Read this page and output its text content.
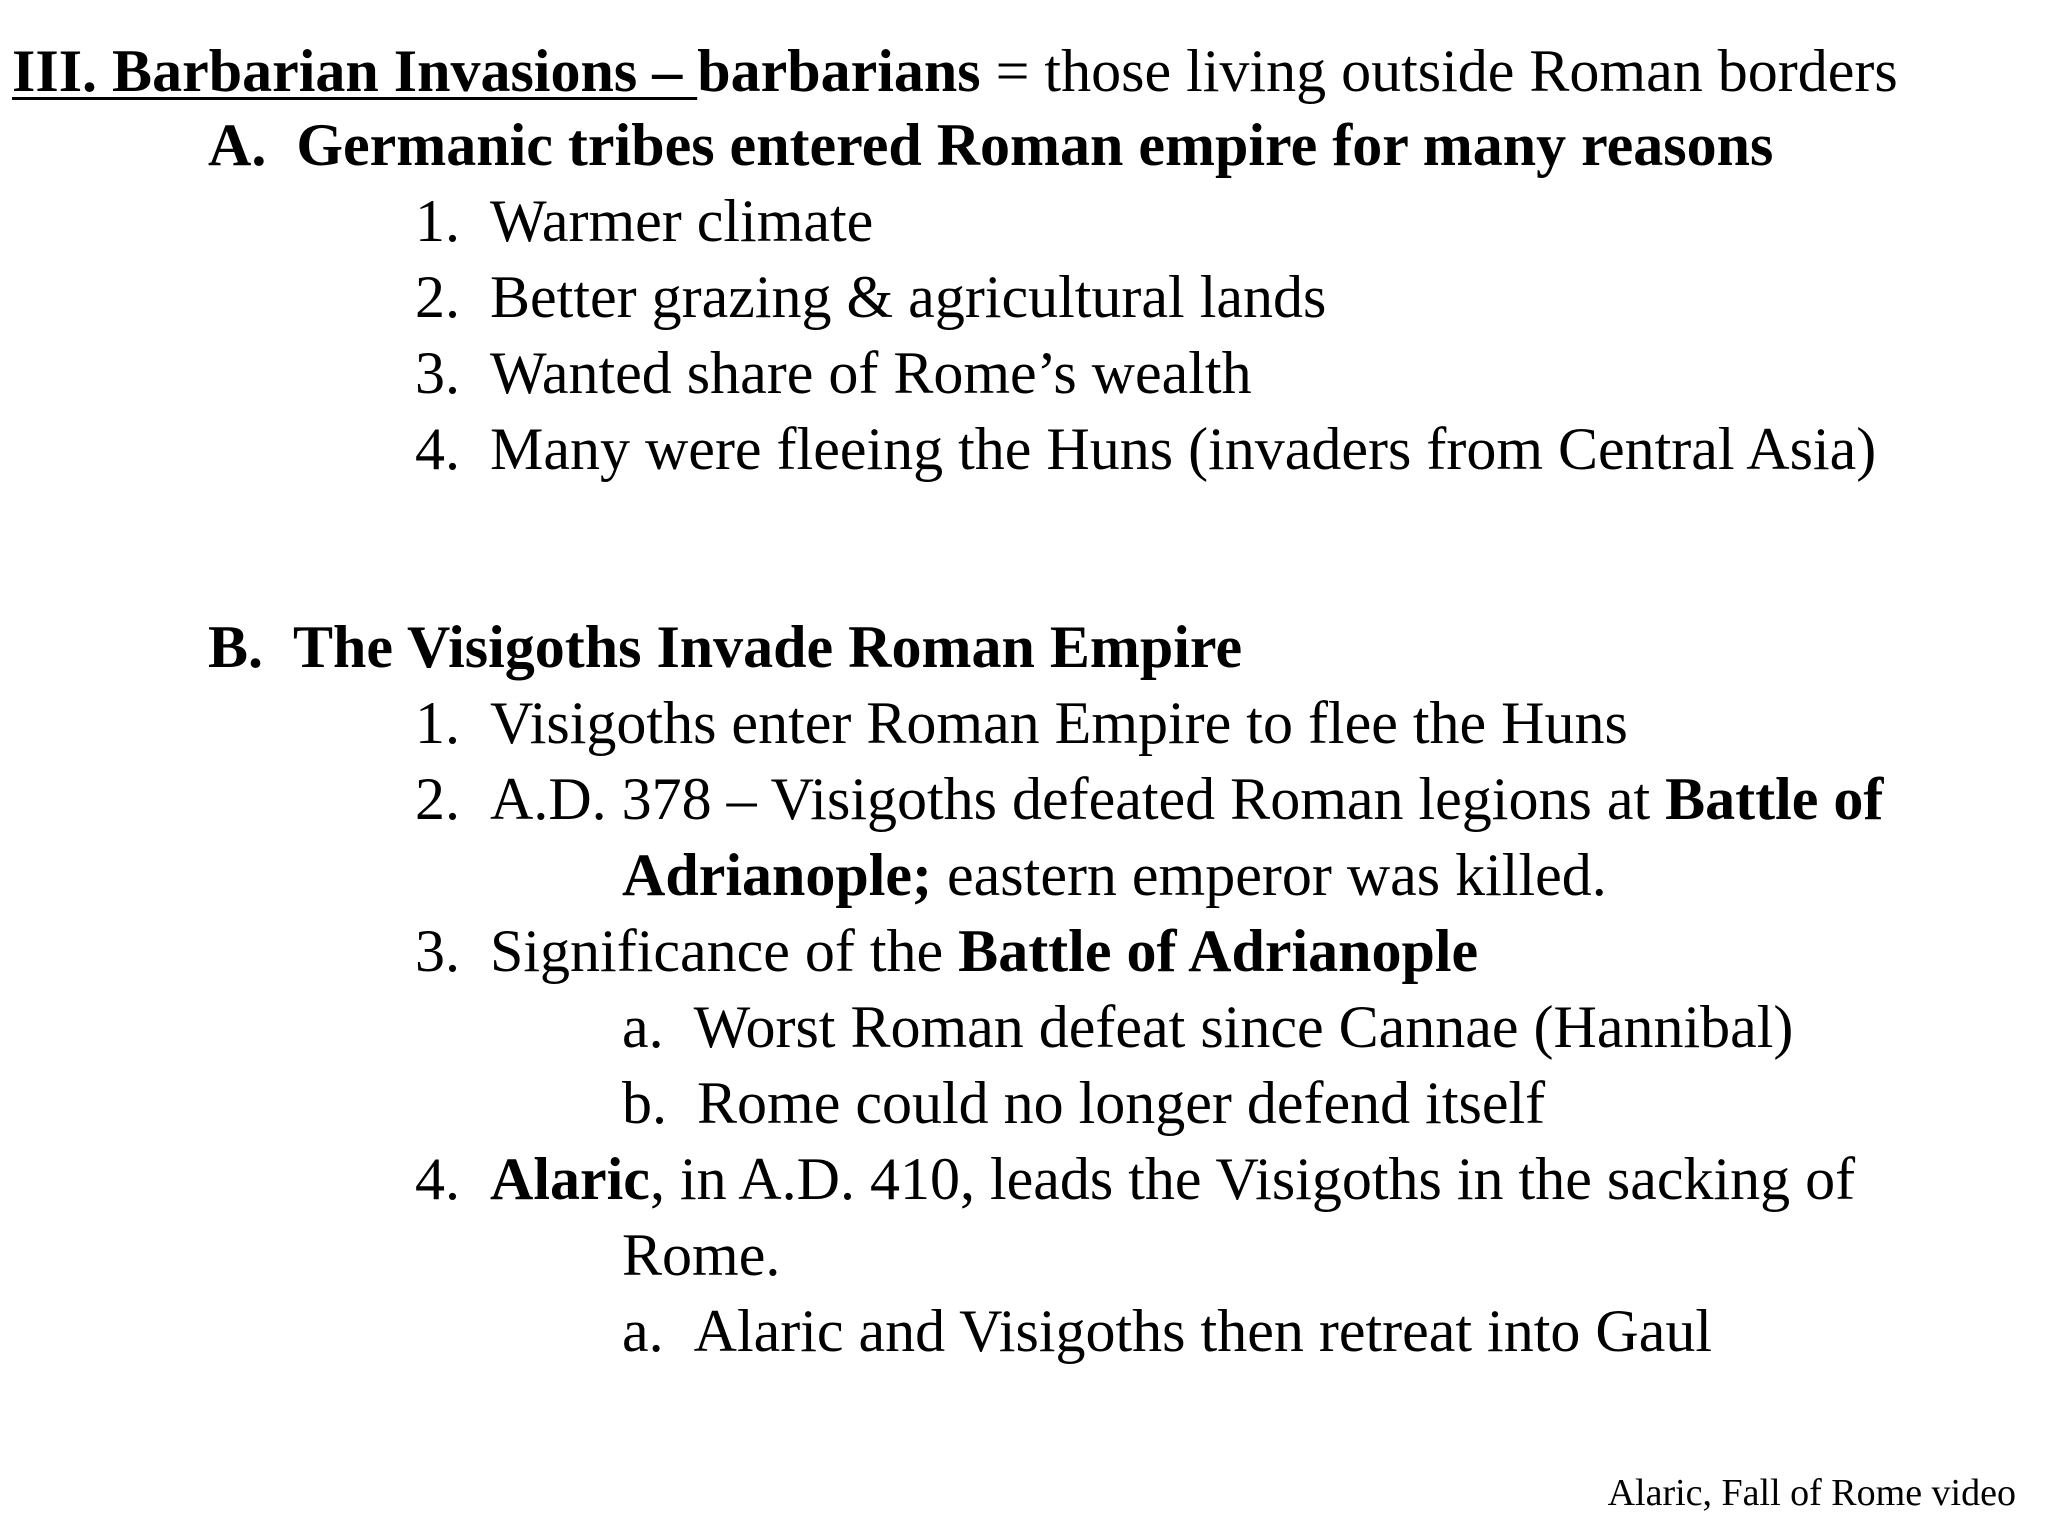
III. Barbarian Invasions – barbarians = those living outside Roman borders
A. Germanic tribes entered Roman empire for many reasons
1. Warmer climate
2. Better grazing & agricultural lands
3. Wanted share of Rome’s wealth
4. Many were fleeing the Huns (invaders from Central Asia)
B. The Visigoths Invade Roman Empire
1. Visigoths enter Roman Empire to flee the Huns
2. A.D. 378 – Visigoths defeated Roman legions at Battle of
Adrianople; eastern emperor was killed.
3. Significance of the Battle of Adrianople
a. Worst Roman defeat since Cannae (Hannibal)
b. Rome could no longer defend itself
4. Alaric, in A.D. 410, leads the Visigoths in the sacking of
Rome.
a. Alaric and Visigoths then retreat into Gaul
Alaric, Fall of Rome video
